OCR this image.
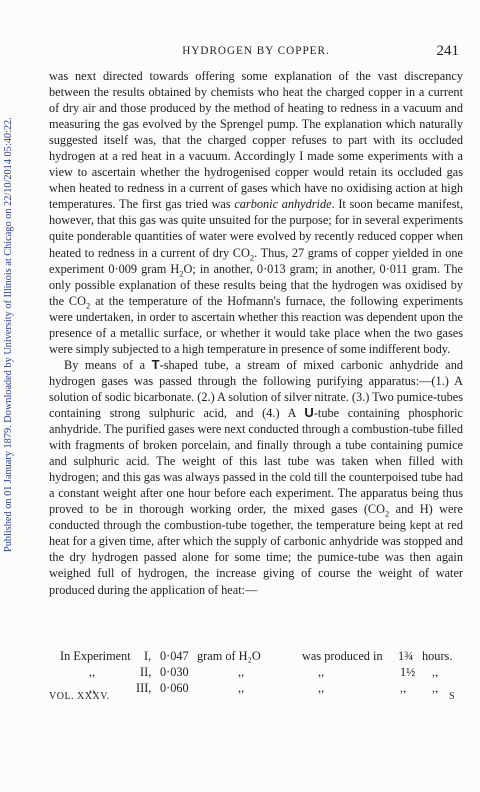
Published on 01 January 1879. Downloaded by University of Illinois at Chicago on 22/10/2014 05:40:22.
HYDROGEN BY COPPER.	241

was next directed towards offering some explanation of the vast discrepancy between the results obtained by chemists who heat the charged copper in a current of dry air and those produced by the method of heating to redness in a vacuum and measuring the gas evolved by the Sprengel pump. The explanation which naturally suggested itself was, that the charged copper refuses to part with its occluded hydrogen at a red heat in a vacuum. Accordingly I made some experiments with a view to ascertain whether the hydrogenised copper would retain its occluded gas when heated to redness in a current of gases which have no oxidising action at high temperatures. The first gas tried was carbonic anhydride. It soon became manifest, however, that this gas was quite unsuited for the purpose; for in several experiments quite ponderable quantities of water were evolved by recently reduced copper when heated to redness in a current of dry $CO_2$. Thus, 27 grams of copper yielded in one experiment 0·009 gram $H_2O$; in another, 0·013 gram; in another, 0·011 gram. The only possible explanation of these results being that the hydrogen was oxidised by the $CO_2$ at the temperature of the Hofmann's furnace, the following experiments were undertaken, in order to ascertain whether this reaction was dependent upon the presence of a metallic surface, or whether it would take place when the two gases were simply subjected to a high temperature in presence of some indifferent body.

By means of a T-shaped tube, a stream of mixed carbonic anhydride and hydrogen gases was passed through the following purifying apparatus:—(1.) A solution of sodic bicarbonate. (2.) A solution of silver nitrate. (3.) Two pumice-tubes containing strong sulphuric acid, and (4.) A U-tube containing phosphoric anhydride. The purified gases were next conducted through a combustion-tube filled with fragments of broken porcelain, and finally through a tube containing pumice and sulphuric acid. The weight of this last tube was taken when filled with hydrogen; and this gas was always passed in the cold till the counterpoised tube had a constant weight after one hour before each experiment. The apparatus being thus proved to be in thorough working order, the mixed gases ($CO_2$ and H) were conducted through the combustion-tube together, the temperature being kept at red heat for a given time, after which the supply of carbonic anhydride was stopped and the dry hydrogen passed alone for some time; the pumice-tube was then again weighed full of hydrogen, the increase giving of course the weight of water produced during the application of heat:—

In Experiment I, 0·047 gram of H₂O	was produced in 1¾ hours.
,,	II, 0·030	,,	,,	1½ ,,
,,	III, 0·060	,,	,,	,, ,,
VOL. XXXV.	S
